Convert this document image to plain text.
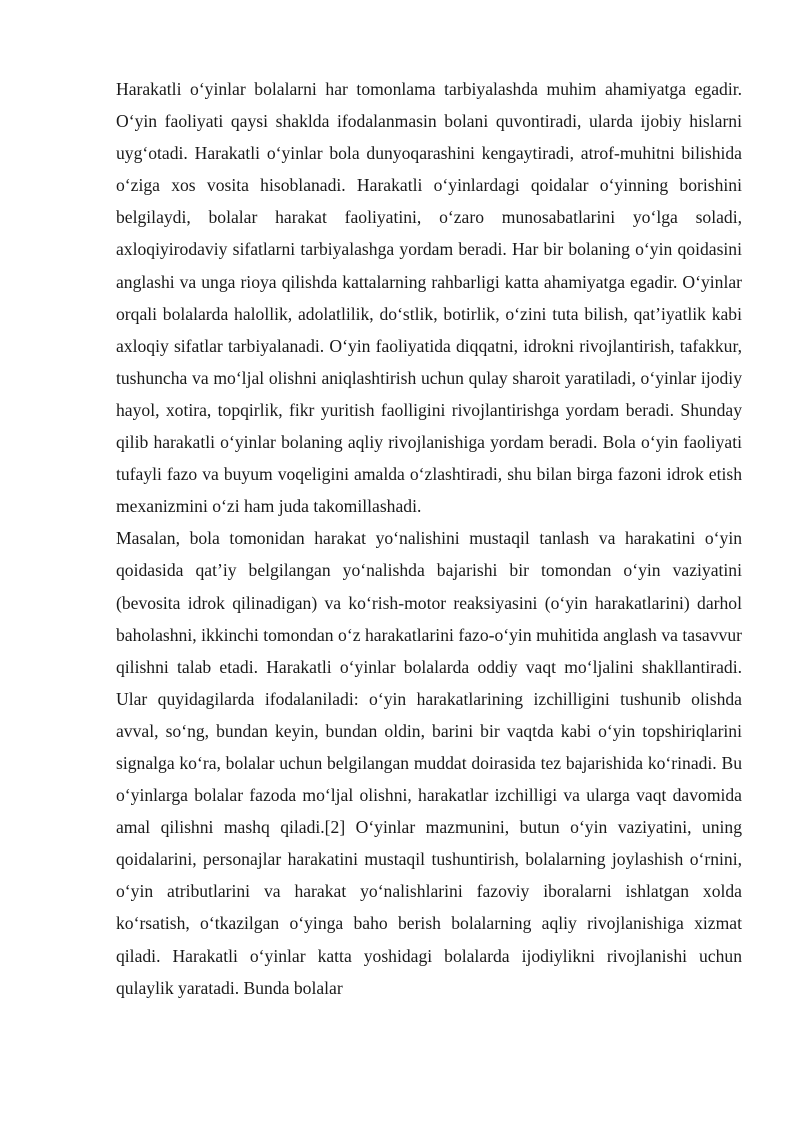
Harakatli o‘yinlar bolalarni har tomonlama tarbiyalashda muhim ahamiyatga egadir. O‘yin faoliyati qaysi shaklda ifodalanmasin bolani quvontiradi, ularda ijobiy hislarni uyg‘otadi. Harakatli o‘yinlar bola dunyoqarashini kengaytiradi, atrof-muhitni bilishida o‘ziga xos vosita hisoblanadi. Harakatli o‘yinlardagi qoidalar o‘yinning borishini belgilaydi, bolalar harakat faoliyatini, o‘zaro munosabatlarini yo‘lga soladi, axloqiyirodaviy sifatlarni tarbiyalashga yordam beradi. Har bir bolaning o‘yin qoidasini anglashi va unga rioya qilishda kattalarning rahbarligi katta ahamiyatga egadir. O‘yinlar orqali bolalarda halollik, adolatlilik, do‘stlik, botirlik, o‘zini tuta bilish, qat’iyatlik kabi axloqiy sifatlar tarbiyalanadi. O‘yin faoliyatida diqqatni, idrokni rivojlantirish, tafakkur, tushuncha va mo‘ljal olishni aniqlashtirish uchun qulay sharoit yaratiladi, o‘yinlar ijodiy hayol, xotira, topqirlik, fikr yuritish faolligini rivojlantirishga yordam beradi. Shunday qilib harakatli o‘yinlar bolaning aqliy rivojlanishiga yordam beradi. Bola o‘yin faoliyati tufayli fazo va buyum voqeligini amalda o‘zlashtiradi, shu bilan birga fazoni idrok etish mexanizmini o‘zi ham juda takomillashadi.

Masalan, bola tomonidan harakat yo‘nalishini mustaqil tanlash va harakatini o‘yin qoidasida qat’iy belgilangan yo‘nalishda bajarishi bir tomondan o‘yin vaziyatini (bevosita idrok qilinadigan) va ko‘rish-motor reaksiyasini (o‘yin harakatlarini) darhol baholashni, ikkinchi tomondan o‘z harakatlarini fazo-o‘yin muhitida anglash va tasavvur qilishni talab etadi. Harakatli o‘yinlar bolalarda oddiy vaqt mo‘ljalini shakllantiradi. Ular quyidagilarda ifodalaniladi: o‘yin harakatlarining izchilligini tushunib olishda avval, so‘ng, bundan keyin, bundan oldin, barini bir vaqtda kabi o‘yin topshiriqlarini signalga ko‘ra, bolalar uchun belgilangan muddat doirasida tez bajarishida ko‘rinadi. Bu o‘yinlarga bolalar fazoda mo‘ljal olishni, harakatlar izchilligi va ularga vaqt davomida amal qilishni mashq qiladi.[2] O‘yinlar mazmunini, butun o‘yin vaziyatini, uning qoidalarini, personajlar harakatini mustaqil tushuntirish, bolalarning joylashish o‘rnini, o‘yin atributlarini va harakat yo‘nalishlarini fazoviy iboralarni ishlatgan xolda ko‘rsatish, o‘tkazilgan o‘yinga baho berish bolalarning aqliy rivojlanishiga xizmat qiladi. Harakatli o‘yinlar katta yoshidagi bolalarda ijodiylikni rivojlanishi uchun qulaylik yaratadi. Bunda bolalar
